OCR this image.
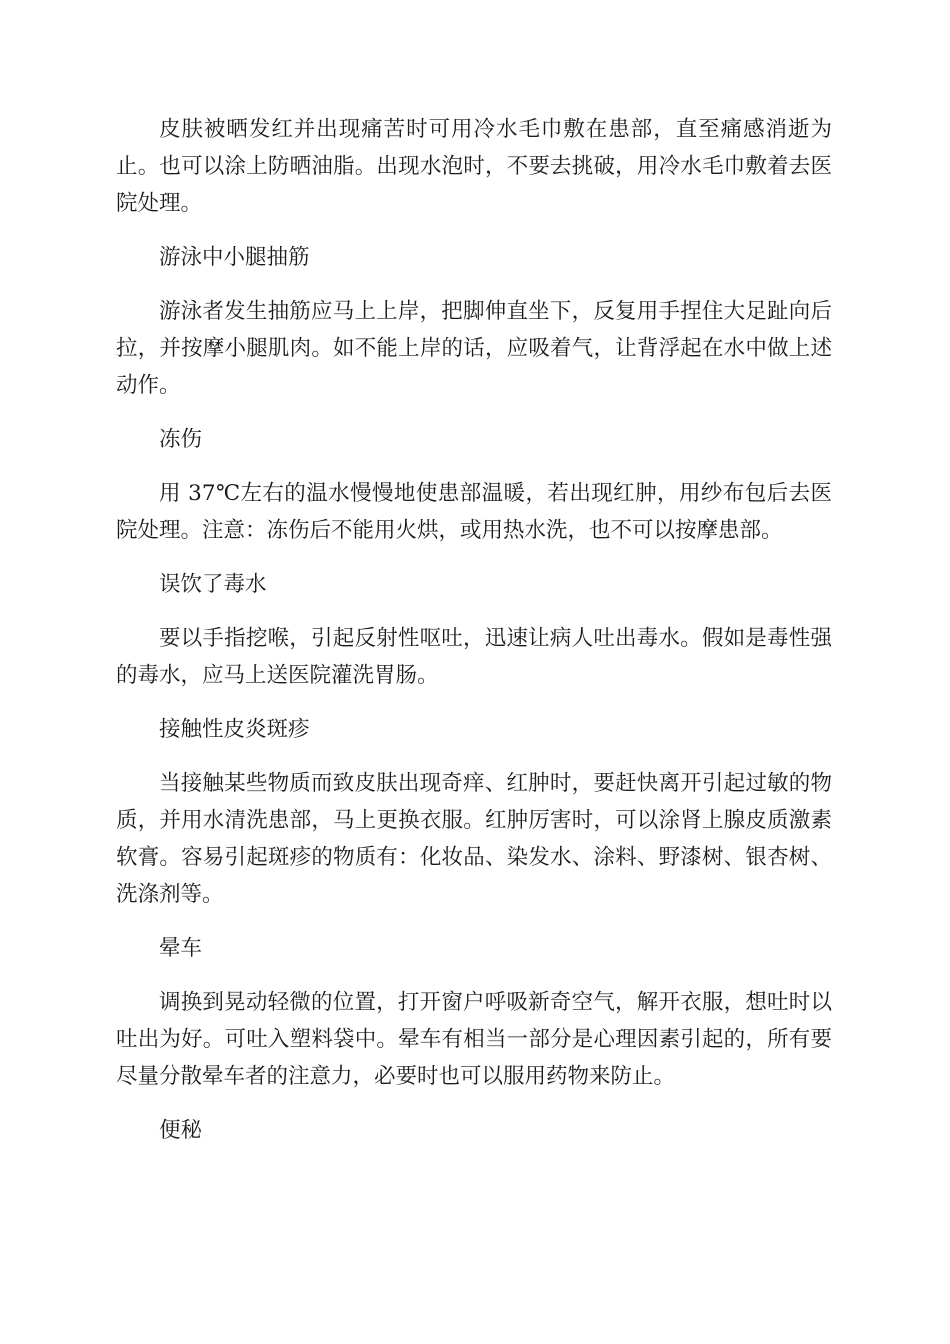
皮肤被晒发红并出现痛苦时可用冷水毛巾敷在患部，直至痛感消逝为止。也可以涂上防晒油脂。出现水泡时，不要去挑破，用冷水毛巾敷着去医院处理。

游泳中小腿抽筋

游泳者发生抽筋应马上上岸，把脚伸直坐下，反复用手捏住大足趾向后拉，并按摩小腿肌肉。如不能上岸的话，应吸着气，让背浮起在水中做上述动作。

冻伤

用 37℃左右的温水慢慢地使患部温暖，若出现红肿，用纱布包后去医院处理。注意：冻伤后不能用火烘，或用热水洗，也不可以按摩患部。

误饮了毒水

要以手指挖喉，引起反射性呕吐，迅速让病人吐出毒水。假如是毒性强的毒水，应马上送医院灌洗胃肠。

接触性皮炎斑疹

当接触某些物质而致皮肤出现奇痒、红肿时，要赶快离开引起过敏的物质，并用水清洗患部，马上更换衣服。红肿厉害时，可以涂肾上腺皮质激素软膏。容易引起斑疹的物质有：化妆品、染发水、涂料、野漆树、银杏树、洗涤剂等。

晕车

调换到晃动轻微的位置，打开窗户呼吸新奇空气，解开衣服，想吐时以吐出为好。可吐入塑料袋中。晕车有相当一部分是心理因素引起的，所有要尽量分散晕车者的注意力，必要时也可以服用药物来防止。

便秘
